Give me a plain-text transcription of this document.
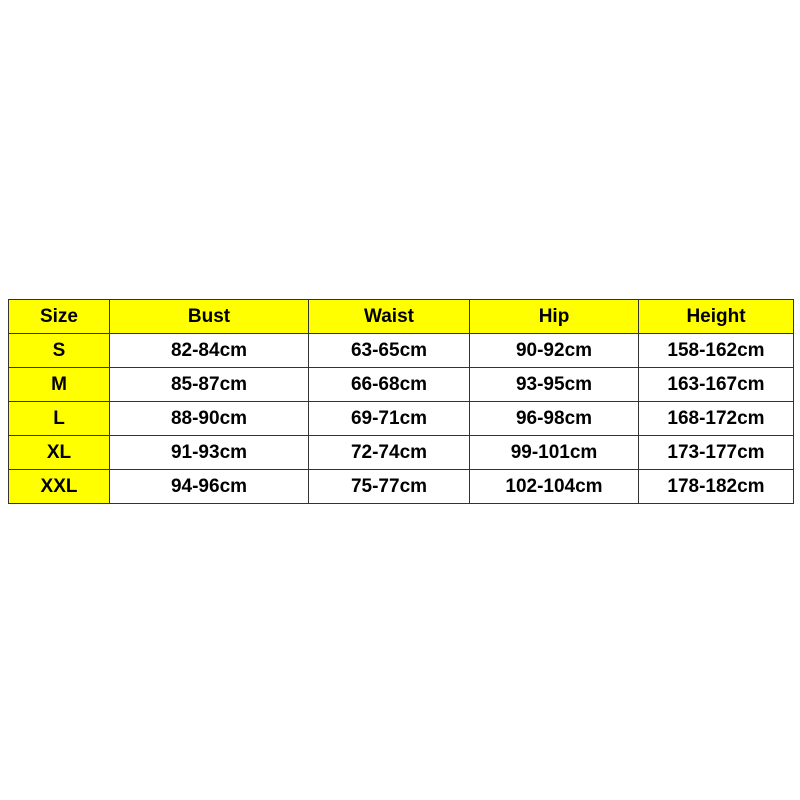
Size	Bust	Waist	Hip	Height
S	82-84cm	63-65cm	90-92cm	158-162cm
M	85-87cm	66-68cm	93-95cm	163-167cm
L	88-90cm	69-71cm	96-98cm	168-172cm
XL	91-93cm	72-74cm	99-101cm	173-177cm
XXL	94-96cm	75-77cm	102-104cm	178-182cm
